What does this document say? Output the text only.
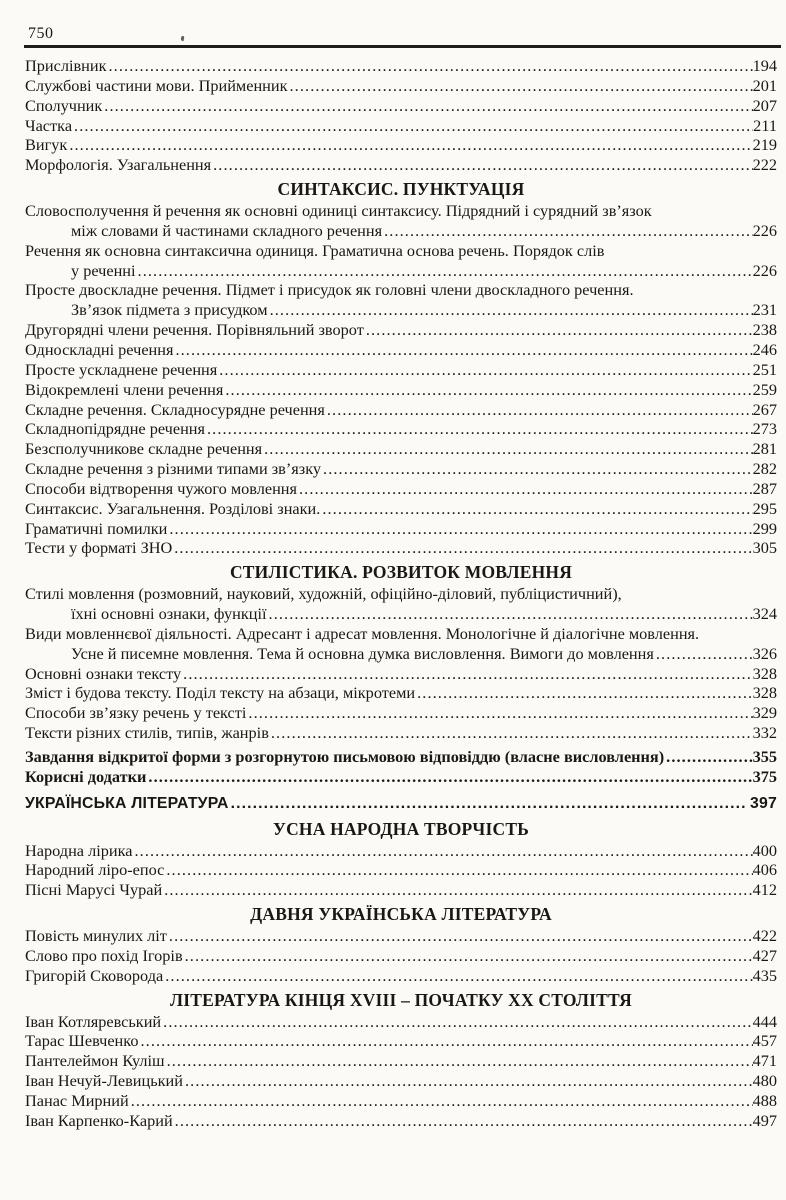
750
Прислівник .....	194
Службові частини мови. Прийменник .....	201
Сполучник .....	207
Частка .....	211
Вигук .....	219
Морфологія. Узагальнення .....	222
СИНТАКСИС. ПУНКТУАЦІЯ
Словосполучення й речення як основні одиниці синтаксису. Підрядний і сурядний зв’язок
між словами й частинами складного речення .....	226
Речення як основна синтаксична одиниця. Граматична основа речень. Порядок слів
у реченні .....	226
Просте двоскладне речення. Підмет і присудок як головні члени двоскладного речення.
Зв’язок підмета з присудком .....	231
Другорядні члени речення. Порівняльний зворот .....	238
Односкладні речення .....	246
Просте ускладнене речення .....	251
Відокремлені члени речення .....	259
Складне речення. Складносурядне речення .....	267
Складнопідрядне речення .....	273
Безсполучникове складне речення .....	281
Складне речення з різними типами зв’язку .....	282
Способи відтворення чужого мовлення .....	287
Синтаксис. Узагальнення. Розділові знаки. .....	295
Граматичні помилки .....	299
Тести у форматі ЗНО .....	305
СТИЛІСТИКА. РОЗВИТОК МОВЛЕННЯ
Стилі мовлення (розмовний, науковий, художній, офіційно-діловий, публіцистичний),
їхні основні ознаки, функції .....	324
Види мовленнєвої діяльності. Адресант і адресат мовлення. Монологічне й діалогічне мовлення.
Усне й писемне мовлення. Тема й основна думка висловлення. Вимоги до мовлення .....	326
Основні ознаки тексту .....	328
Зміст і будова тексту. Поділ тексту на абзаци, мікротеми .....	328
Способи зв’язку речень у тексті .....	329
Тексти різних стилів, типів, жанрів .....	332
Завдання відкритої форми з розгорнутою письмовою відповіддю (власне висловлення) .....	355
Корисні додатки .....	375
УКРАЇНСЬКА ЛІТЕРАТУРА .....	397
УСНА НАРОДНА ТВОРЧІСТЬ
Народна лірика .....	400
Народний ліро-епос .....	406
Пісні Марусі Чурай .....	412
ДАВНЯ УКРАЇНСЬКА ЛІТЕРАТУРА
Повість минулих літ .....	422
Слово про похід Ігорів .....	427
Григорій Сковорода .....	435
ЛІТЕРАТУРА КІНЦЯ XVIII – ПОЧАТКУ XX СТОЛІТТЯ
Іван Котляревський .....	444
Тарас Шевченко .....	457
Пантелеймон Куліш .....	471
Іван Нечуй-Левицький .....	480
Панас Мирний .....	488
Іван Карпенко-Карий .....	497
